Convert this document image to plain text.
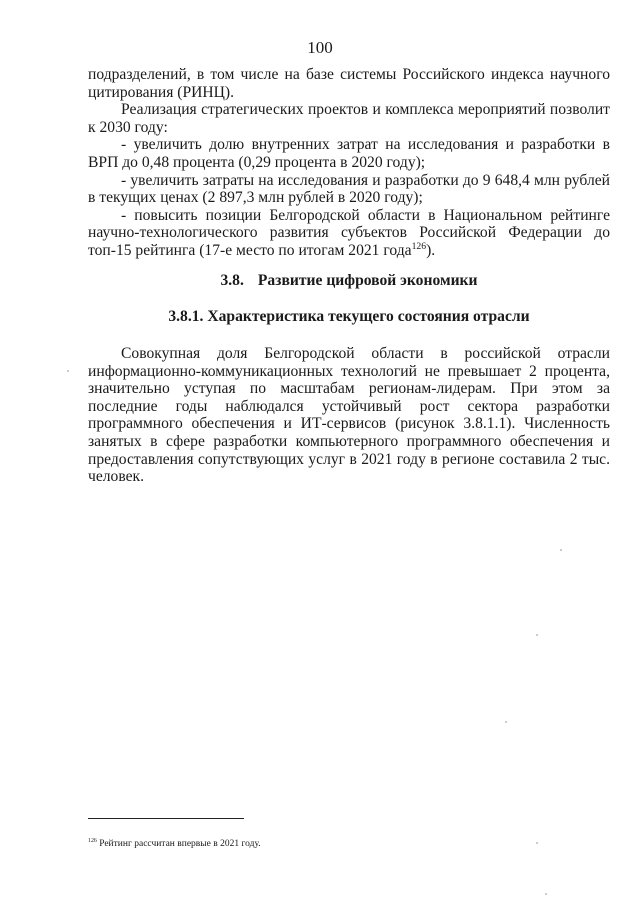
100

подразделений, в том числе на базе системы Российского индекса научного цитирования (РИНЦ).

Реализация стратегических проектов и комплекса мероприятий позволит к 2030 году:

- увеличить долю внутренних затрат на исследования и разработки в ВРП до 0,48 процента (0,29 процента в 2020 году);

- увеличить затраты на исследования и разработки до 9 648,4 млн рублей в текущих ценах (2 897,3 млн рублей в 2020 году);

- повысить позиции Белгородской области в Национальном рейтинге научно-технологического развития субъектов Российской Федерации до топ-15 рейтинга (17-е место по итогам 2021 года$^{126}$).

3.8. Развитие цифровой экономики
3.8.1. Характеристика текущего состояния отрасли

Совокупная доля Белгородской области в российской отрасли информационно-коммуникационных технологий не превышает 2 процента, значительно уступая по масштабам регионам-лидерам. При этом за последние годы наблюдался устойчивый рост сектора разработки программного обеспечения и ИТ-сервисов (рисунок 3.8.1.1). Численность занятых в сфере разработки компьютерного программного обеспечения и предоставления сопутствующих услуг в 2021 году в регионе составила 2 тыс. человек.

$^{126}$ Рейтинг рассчитан впервые в 2021 году.
